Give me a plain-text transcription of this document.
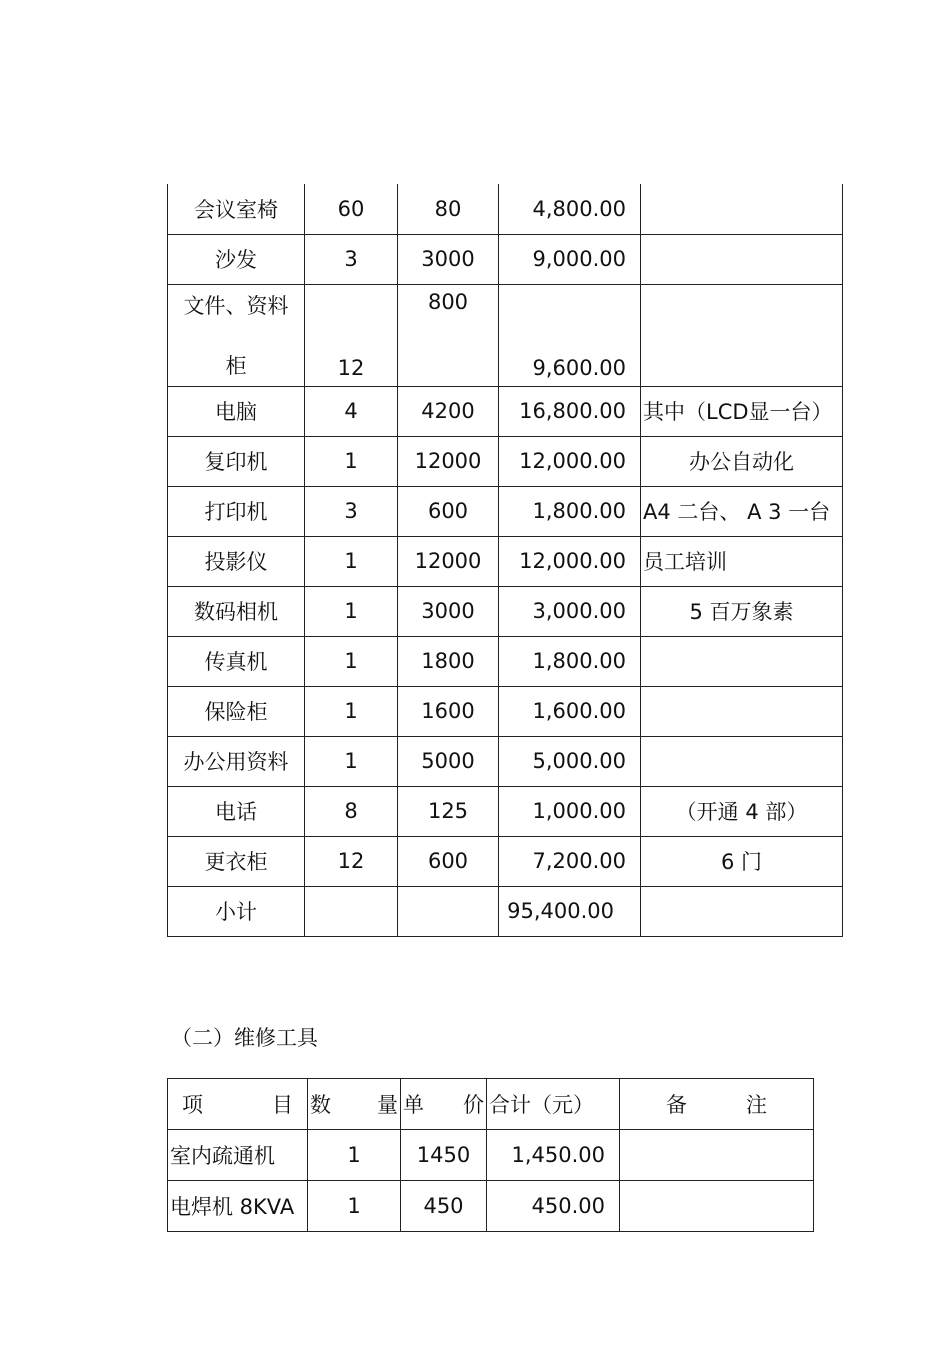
会议室椅	60	80	4,800.00	
沙发	3	3000	9,000.00	

文件、资料
柜	12	800	9,600.00	

电脑	4	4200	16,800.00	其中（LCD显一台）
复印机	1	12000	12,000.00	办公自动化
打印机	3	600	1,800.00	A4 二台、 A 3 一台
投影仪	1	12000	12,000.00	员工培训
数码相机	1	3000	3,000.00	5 百万象素
传真机	1	1800	1,800.00	
保险柜	1	1600	1,600.00	
办公用资料	1	5000	5,000.00	
电话	8	125	1,000.00	（开通 4 部）
更衣柜	12	600	7,200.00	6 门
小计			95,400.00	
（二）维修工具
项 目	数 量	单 价	合计（元）	备 注

室内疏通机	1	1450	1,450.00	
电焊机 8KVA	1	450	450.00	
